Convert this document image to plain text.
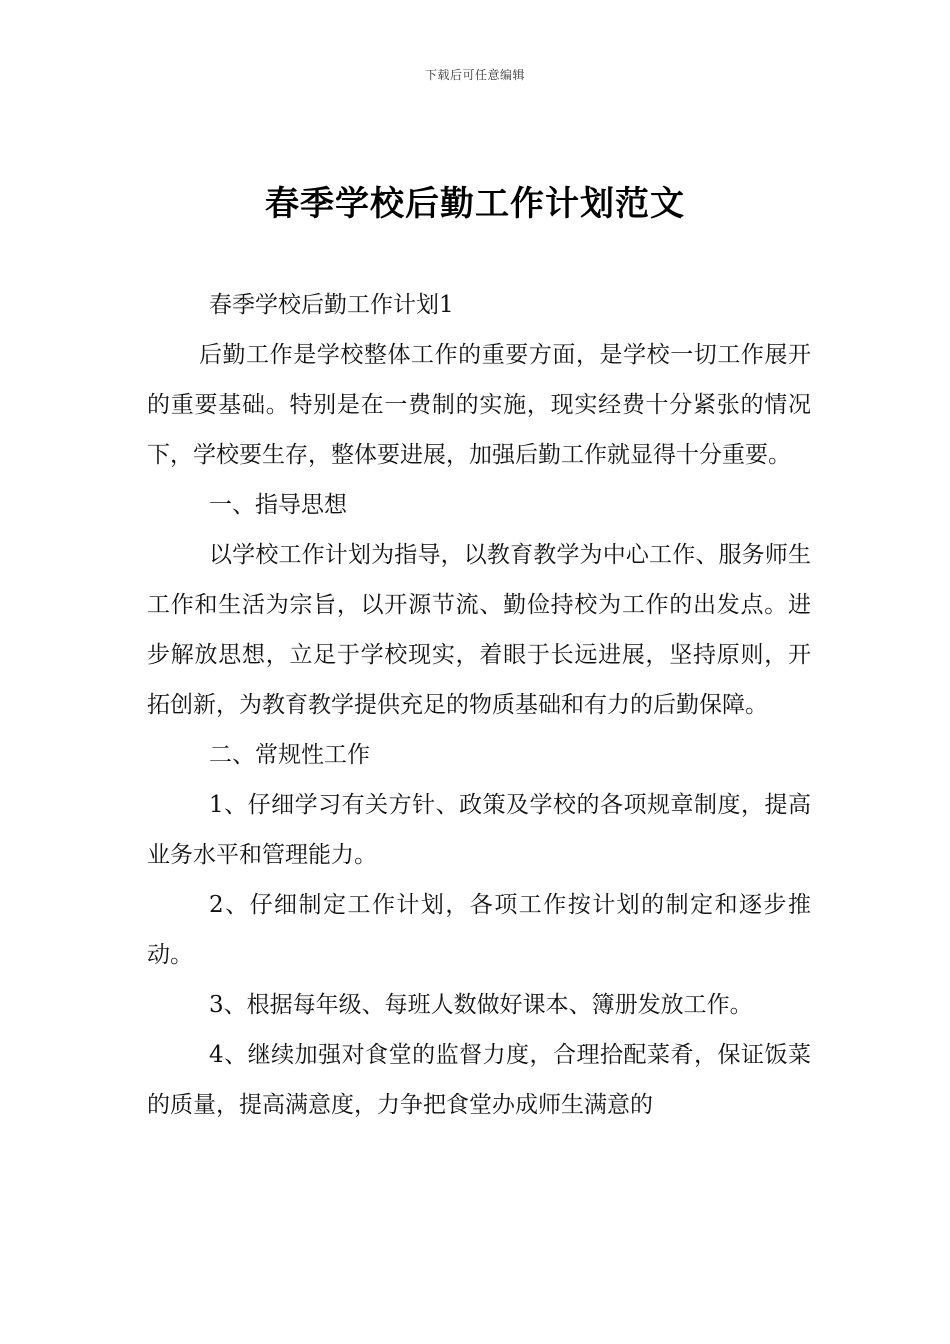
下载后可任意编辑
春季学校后勤工作计划范文

春季学校后勤工作计划1

后勤工作是学校整体工作的重要方面，是学校一切工作展开的重要基础。特别是在一费制的实施，现实经费十分紧张的情况下，学校要生存，整体要进展，加强后勤工作就显得十分重要。

一、指导思想

以学校工作计划为指导，以教育教学为中心工作、服务师生工作和生活为宗旨，以开源节流、勤俭持校为工作的出发点。进步解放思想，立足于学校现实，着眼于长远进展，坚持原则，开拓创新，为教育教学提供充足的物质基础和有力的后勤保障。

二、常规性工作

1、仔细学习有关方针、政策及学校的各项规章制度，提高业务水平和管理能力。

2、仔细制定工作计划，各项工作按计划的制定和逐步推动。

3、根据每年级、每班人数做好课本、簿册发放工作。

4、继续加强对食堂的监督力度，合理拾配菜肴，保证饭菜的质量，提高满意度，力争把食堂办成师生满意的
